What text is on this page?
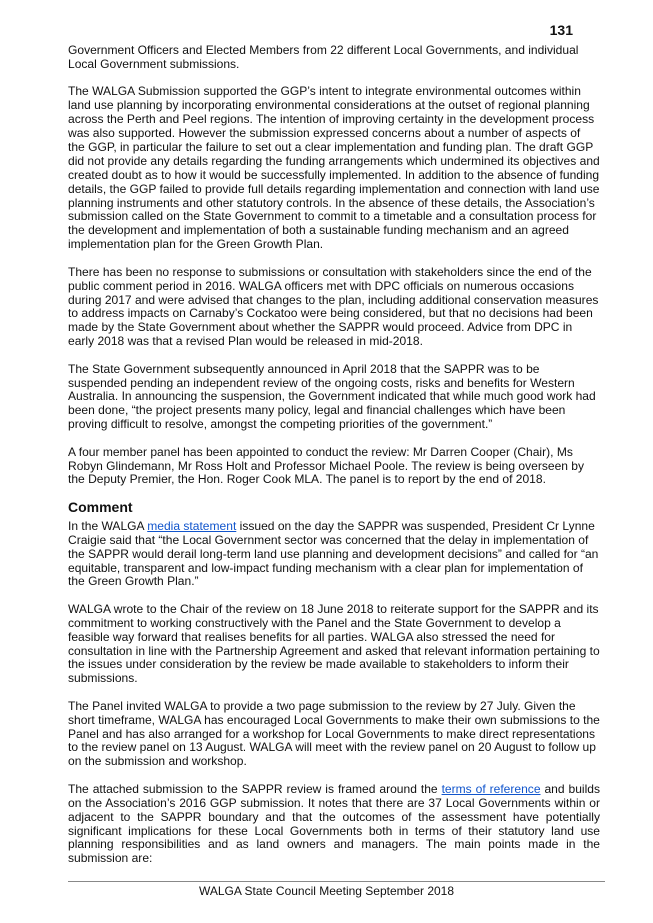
131

Government Officers and Elected Members from 22 different Local Governments, and individual Local Government submissions.

The WALGA Submission supported the GGP’s intent to integrate environmental outcomes within land use planning by incorporating environmental considerations at the outset of regional planning across the Perth and Peel regions. The intention of improving certainty in the development process was also supported. However the submission expressed concerns about a number of aspects of the GGP, in particular the failure to set out a clear implementation and funding plan. The draft GGP did not provide any details regarding the funding arrangements which undermined its objectives and created doubt as to how it would be successfully implemented. In addition to the absence of funding details, the GGP failed to provide full details regarding implementation and connection with land use planning instruments and other statutory controls. In the absence of these details, the Association’s submission called on the State Government to commit to a timetable and a consultation process for the development and implementation of both a sustainable funding mechanism and an agreed implementation plan for the Green Growth Plan.

There has been no response to submissions or consultation with stakeholders since the end of the public comment period in 2016. WALGA officers met with DPC officials on numerous occasions during 2017 and were advised that changes to the plan, including additional conservation measures to address impacts on Carnaby’s Cockatoo were being considered, but that no decisions had been made by the State Government about whether the SAPPR would proceed. Advice from DPC in early 2018 was that a revised Plan would be released in mid-2018.

The State Government subsequently announced in April 2018 that the SAPPR was to be suspended pending an independent review of the ongoing costs, risks and benefits for Western Australia. In announcing the suspension, the Government indicated that while much good work had been done, “the project presents many policy, legal and financial challenges which have been proving difficult to resolve, amongst the competing priorities of the government.”

A four member panel has been appointed to conduct the review: Mr Darren Cooper (Chair), Ms Robyn Glindemann, Mr Ross Holt and Professor Michael Poole. The review is being overseen by the Deputy Premier, the Hon. Roger Cook MLA. The panel is to report by the end of 2018.

Comment

In the WALGA media statement issued on the day the SAPPR was suspended, President Cr Lynne Craigie said that “the Local Government sector was concerned that the delay in implementation of the SAPPR would derail long-term land use planning and development decisions” and called for “an equitable, transparent and low-impact funding mechanism with a clear plan for implementation of the Green Growth Plan.”

WALGA wrote to the Chair of the review on 18 June 2018 to reiterate support for the SAPPR and its commitment to working constructively with the Panel and the State Government to develop a feasible way forward that realises benefits for all parties. WALGA also stressed the need for consultation in line with the Partnership Agreement and asked that relevant information pertaining to the issues under consideration by the review be made available to stakeholders to inform their submissions.

The Panel invited WALGA to provide a two page submission to the review by 27 July. Given the short timeframe, WALGA has encouraged Local Governments to make their own submissions to the Panel and has also arranged for a workshop for Local Governments to make direct representations to the review panel on 13 August. WALGA will meet with the review panel on 20 August to follow up on the submission and workshop.

The attached submission to the SAPPR review is framed around the terms of reference and builds on the Association’s 2016 GGP submission. It notes that there are 37 Local Governments within or adjacent to the SAPPR boundary and that the outcomes of the assessment have potentially significant implications for these Local Governments both in terms of their statutory land use planning responsibilities and as land owners and managers. The main points made in the submission are:

WALGA State Council Meeting September 2018
